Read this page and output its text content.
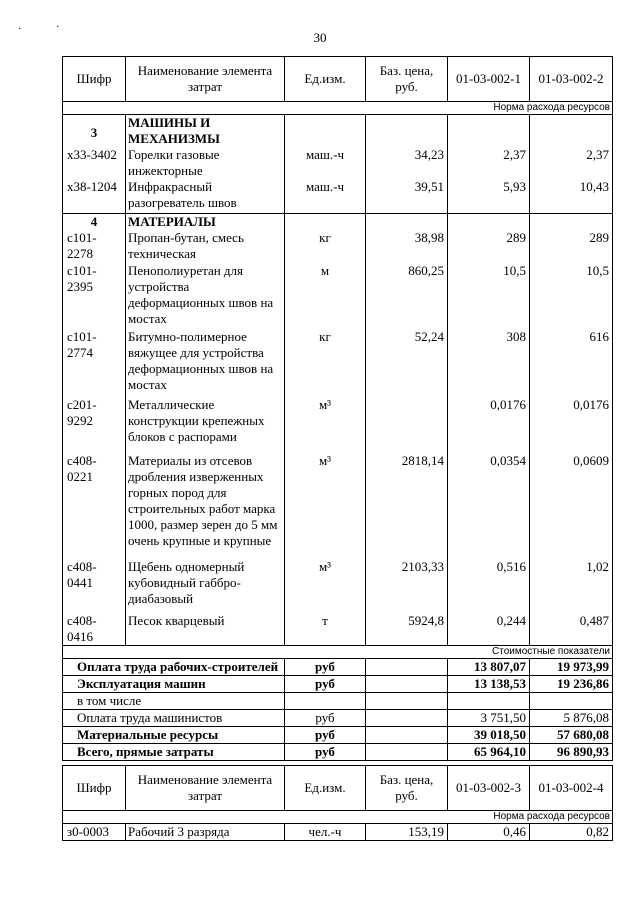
·	·
30
Шифр	Наименование элемента затрат	Ед.изм.	Баз. цена, руб.	01-03-002-1	01-03-002-2
Норма расхода ресурсов					
3	МАШИНЫ И МЕХАНИЗМЫ				
х33-3402	Горелки газовые инжекторные	маш.-ч	34,23	2,37	2,37
х38-1204	Инфракрасный разогреватель швов	маш.-ч	39,51	5,93	10,43
4	МАТЕРИАЛЫ				
с101-2278	Пропан-бутан, смесь техническая	кг	38,98	289	289
с101-2395	Пенополиуретан для устройства деформационных швов на мостах	м	860,25	10,5	10,5
с101-2774	Битумно-полимерное вяжущее для устройства деформационных швов на мостах	кг	52,24	308	616
с201-9292	Металлические конструкции крепежных блоков с распорами	м³		0,0176	0,0176
с408-0221	Материалы из отсевов дробления изверженных горных пород для строительных работ марка 1000, размер зерен до 5 мм очень крупные и крупные	м³	2818,14	0,0354	0,0609
с408-0441	Щебень одномерный кубовидный габбро-диабазовый	м³	2103,33	0,516	1,02
с408-0416	Песок кварцевый	т	5924,8	0,244	0,487
Стоимостные показатели					
Оплата труда рабочих-строителей		руб		13 807,07	19 973,99
Эксплуатация машин		руб		13 138,53	19 236,86
в том числе					
Оплата труда машинистов		руб		3 751,50	5 876,08
Материальные ресурсы		руб		39 018,50	57 680,08
Всего, прямые затраты		руб		65 964,10	96 890,93
Шифр	Наименование элемента затрат	Ед.изм.	Баз. цена, руб.	01-03-002-3	01-03-002-4
Норма расхода ресурсов					
з0-0003	Рабочий 3 разряда	чел.-ч	153,19	0,46	0,82
